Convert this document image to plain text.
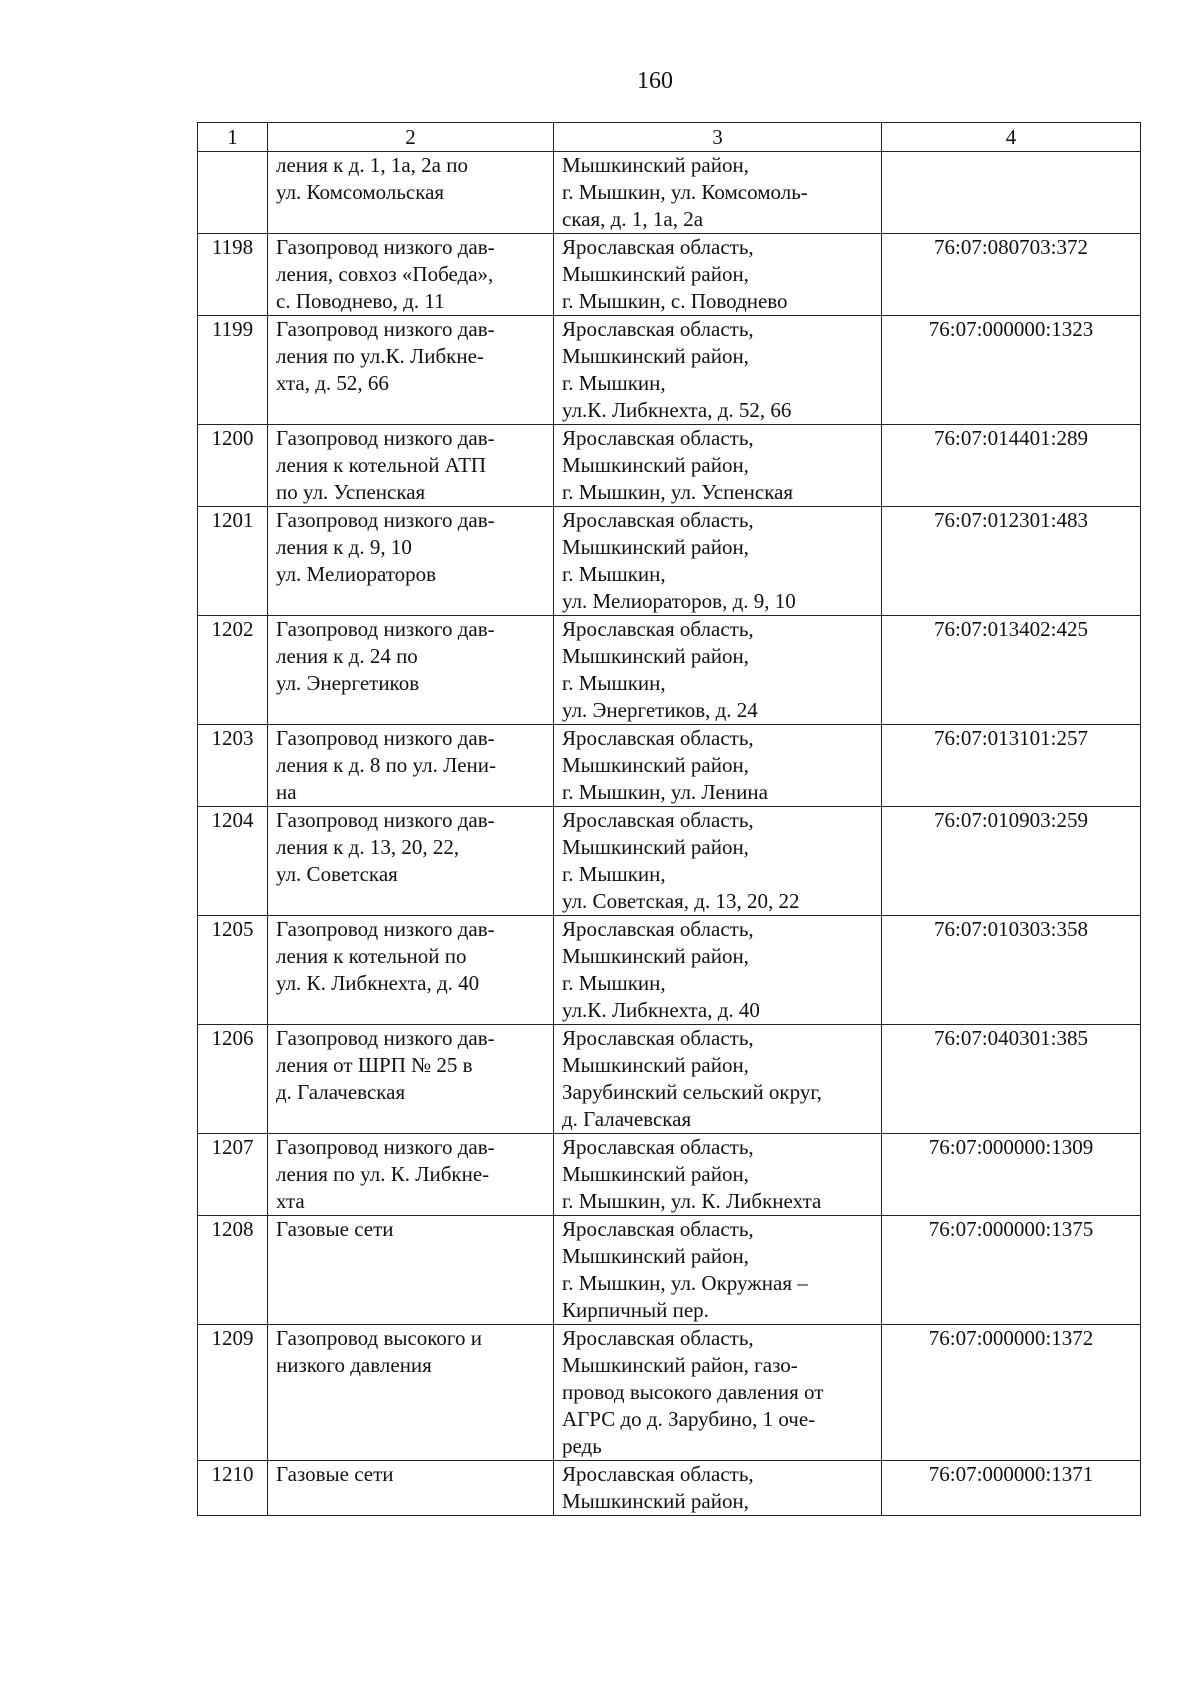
160
1	2	3	4
	ления к д. 1, 1а, 2а по
ул. Комсомольская	Мышкинский район,
г. Мышкин, ул. Комсомоль-
ская, д. 1, 1а, 2а	
1198	Газопровод низкого дав-
ления, совхоз «Победа»,
с. Поводнево, д. 11	Ярославская область,
Мышкинский район,
г. Мышкин, с. Поводнево	76:07:080703:372
1199	Газопровод низкого дав-
ления по ул.К. Либкне-
хта, д. 52, 66	Ярославская область,
Мышкинский район,
г. Мышкин,
ул.К. Либкнехта, д. 52, 66	76:07:000000:1323
1200	Газопровод низкого дав-
ления к котельной АТП
по ул. Успенская	Ярославская область,
Мышкинский район,
г. Мышкин, ул. Успенская	76:07:014401:289
1201	Газопровод низкого дав-
ления к д. 9, 10
ул. Мелиораторов	Ярославская область,
Мышкинский район,
г. Мышкин,
ул. Мелиораторов, д. 9, 10	76:07:012301:483
1202	Газопровод низкого дав-
ления к д. 24 по
ул. Энергетиков	Ярославская область,
Мышкинский район,
г. Мышкин,
ул. Энергетиков, д. 24	76:07:013402:425
1203	Газопровод низкого дав-
ления к д. 8 по ул. Лени-
на	Ярославская область,
Мышкинский район,
г. Мышкин, ул. Ленина	76:07:013101:257
1204	Газопровод низкого дав-
ления к д. 13, 20, 22,
ул. Советская	Ярославская область,
Мышкинский район,
г. Мышкин,
ул. Советская, д. 13, 20, 22	76:07:010903:259
1205	Газопровод низкого дав-
ления к котельной по
ул. К. Либкнехта, д. 40	Ярославская область,
Мышкинский район,
г. Мышкин,
ул.К. Либкнехта, д. 40	76:07:010303:358
1206	Газопровод низкого дав-
ления от ШРП № 25 в
д. Галачевская	Ярославская область,
Мышкинский район,
Зарубинский сельский округ,
д. Галачевская	76:07:040301:385
1207	Газопровод низкого дав-
ления по ул. К. Либкне-
хта	Ярославская область,
Мышкинский район,
г. Мышкин, ул. К. Либкнехта	76:07:000000:1309
1208	Газовые сети	Ярославская область,
Мышкинский район,
г. Мышкин, ул. Окружная –
Кирпичный пер.	76:07:000000:1375
1209	Газопровод высокого и
низкого давления	Ярославская область,
Мышкинский район, газо-
провод высокого давления от
АГРС до д. Зарубино, 1 оче-
редь	76:07:000000:1372
1210	Газовые сети	Ярославская область,
Мышкинский район,	76:07:000000:1371
